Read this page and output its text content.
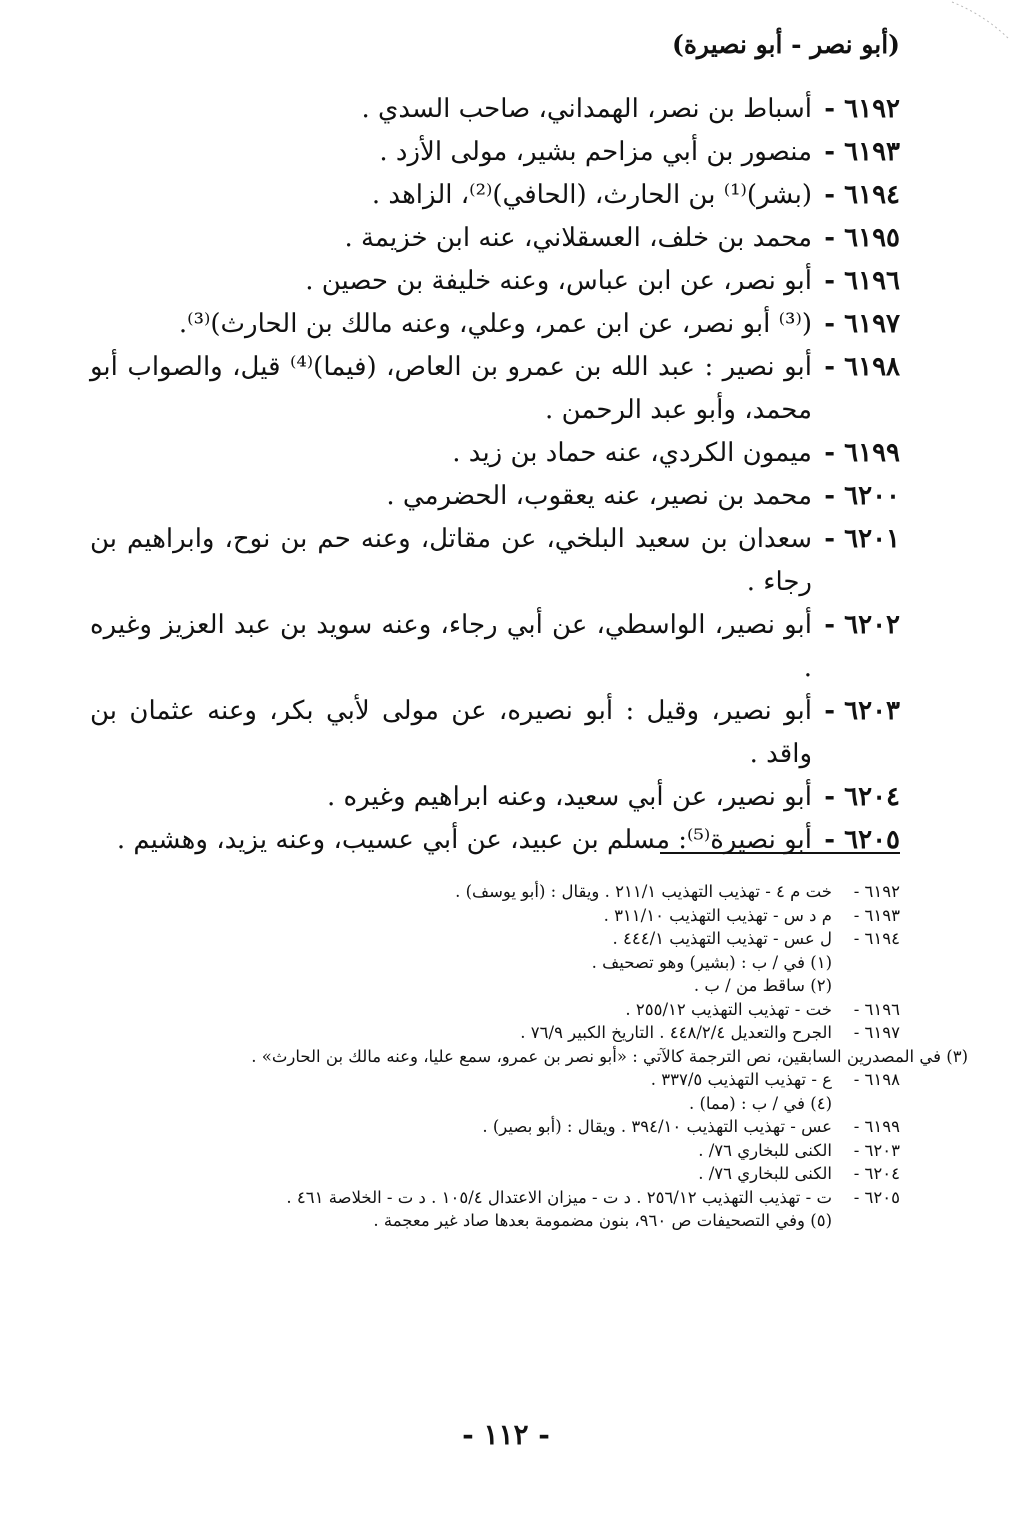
(أبو نصر - أبو نصيرة)
٦١٩٢ -
أسباط بن نصر، الهمداني، صاحب السدي .
٦١٩٣ -
منصور بن أبي مزاحم بشير، مولى الأزد .
٦١٩٤ -
(بشر)⁽¹⁾ بن الحارث، (الحافي)⁽²⁾، الزاهد .
٦١٩٥ -
محمد بن خلف، العسقلاني، عنه ابن خزيمة .
٦١٩٦ -
أبو نصر، عن ابن عباس، وعنه خليفة بن حصين .
٦١٩٧ -
(⁽³⁾ أبو نصر، عن ابن عمر، وعلي، وعنه مالك بن الحارث)⁽³⁾.
٦١٩٨ -
أبو نصير : عبد الله بن عمرو بن العاص، (فيما)⁽⁴⁾ قيل، والصواب أبو محمد، وأبو عبد الرحمن .
٦١٩٩ -
ميمون الكردي، عنه حماد بن زيد .
٦٢٠٠ -
محمد بن نصير، عنه يعقوب، الحضرمي .
٦٢٠١ -
سعدان بن سعيد البلخي، عن مقاتل، وعنه حم بن نوح، وابراهيم بن رجاء .
٦٢٠٢ -
أبو نصير، الواسطي، عن أبي رجاء، وعنه سويد بن عبد العزيز وغيره .
٦٢٠٣ -
أبو نصير، وقيل : أبو نصيره، عن مولى لأبي بكر، وعنه عثمان بن واقد .
٦٢٠٤ -
أبو نصير، عن أبي سعيد، وعنه ابراهيم وغيره .
٦٢٠٥ -
أبو نصيرة⁽⁵⁾: مسلم بن عبيد، عن أبي عسيب، وعنه يزيد، وهشيم .
٦١٩٢ -
خت م ٤ - تهذيب التهذيب ٢١١/١ . ويقال : (أبو يوسف) .
٦١٩٣ -
م د س - تهذيب التهذيب ٣١١/١٠ .
٦١٩٤ -
ل عس - تهذيب التهذيب ٤٤٤/١ .
(١) في / ب : (بشير) وهو تصحيف .
(٢) ساقط من / ب .
٦١٩٦ -
خت - تهذيب التهذيب ٢٥٥/١٢ .
٦١٩٧ -
الجرح والتعديل ٤٤٨/٢/٤ . التاريخ الكبير ٧٦/٩ .
(٣) في المصدرين السابقين، نص الترجمة كالآتي : «أبو نصر بن عمرو، سمع عليا، وعنه مالك بن الحارث» .
٦١٩٨ -
ع - تهذيب التهذيب ٣٣٧/٥ .
(٤) في / ب : (مما) .
٦١٩٩ -
عس - تهذيب التهذيب ٣٩٤/١٠ . ويقال : (أبو بصير) .
٦٢٠٣ -
الكنى للبخاري ٧٦/ .
٦٢٠٤ -
الكنى للبخاري ٧٦/ .
٦٢٠٥ -
ت - تهذيب التهذيب ٢٥٦/١٢ . د ت - ميزان الاعتدال ١٠٥/٤ . د ت - الخلاصة ٤٦١ .
(٥) وفي التصحيفات ص ٩٦٠، بنون مضمومة بعدها صاد غير معجمة .
- ١١٢ -
